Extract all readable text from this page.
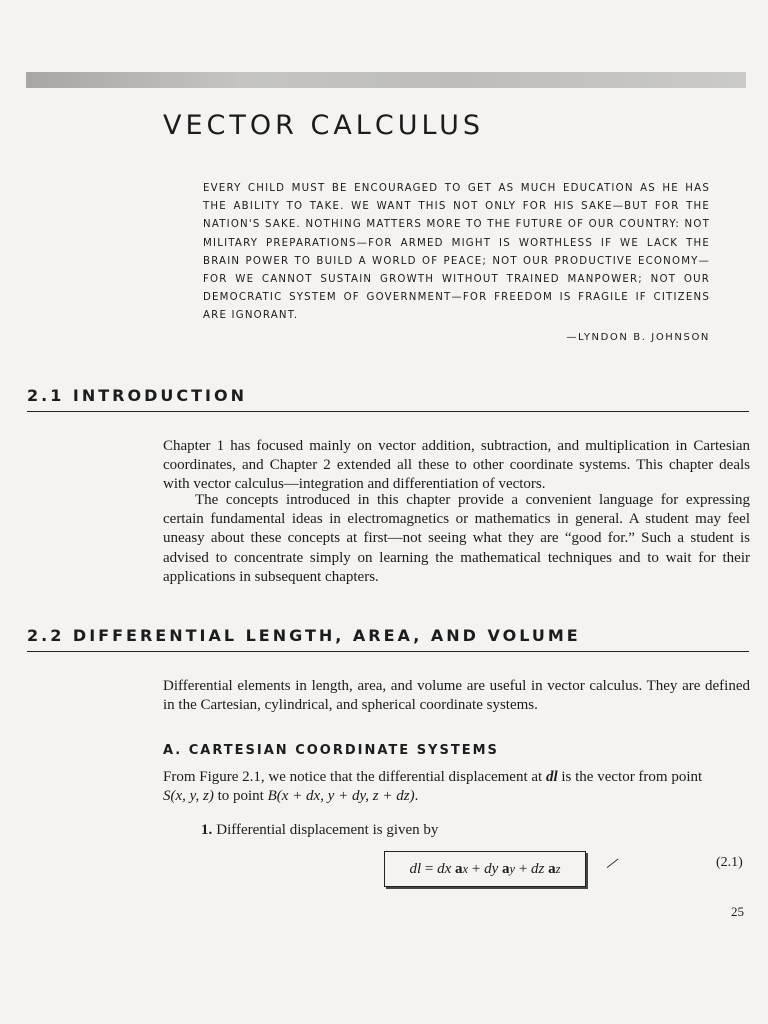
VECTOR CALCULUS

EVERY CHILD MUST BE ENCOURAGED TO GET AS MUCH EDUCATION AS HE HAS THE ABILITY TO TAKE. WE WANT THIS NOT ONLY FOR HIS SAKE—BUT FOR THE NATION'S SAKE. NOTHING MATTERS MORE TO THE FUTURE OF OUR COUNTRY: NOT MILITARY PREPARATIONS—FOR ARMED MIGHT IS WORTHLESS IF WE LACK THE BRAIN POWER TO BUILD A WORLD OF PEACE; NOT OUR PRODUCTIVE ECONOMY—FOR WE CANNOT SUSTAIN GROWTH WITHOUT TRAINED MANPOWER; NOT OUR DEMOCRATIC SYSTEM OF GOVERNMENT—FOR FREEDOM IS FRAGILE IF CITIZENS ARE IGNORANT.

—LYNDON B. JOHNSON
2.1 INTRODUCTION

Chapter 1 has focused mainly on vector addition, subtraction, and multiplication in Cartesian coordinates, and Chapter 2 extended all these to other coordinate systems. This chapter deals with vector calculus—integration and differentiation of vectors.

The concepts introduced in this chapter provide a convenient language for expressing certain fundamental ideas in electromagnetics or mathematics in general. A student may feel uneasy about these concepts at first—not seeing what they are “good for.” Such a student is advised to concentrate simply on learning the mathematical techniques and to wait for their applications in subsequent chapters.

2.2 DIFFERENTIAL LENGTH, AREA, AND VOLUME

Differential elements in length, area, and volume are useful in vector calculus. They are defined in the Cartesian, cylindrical, and spherical coordinate systems.

A. CARTESIAN COORDINATE SYSTEMS

From Figure 2.1, we notice that the differential displacement at dl is the vector from point
S(x, y, z) to point B(x + dx, y + dy, z + dz).

1. Differential displacement is given by

dl = dx a x + dy a y + dz a z	(2.1)
25
